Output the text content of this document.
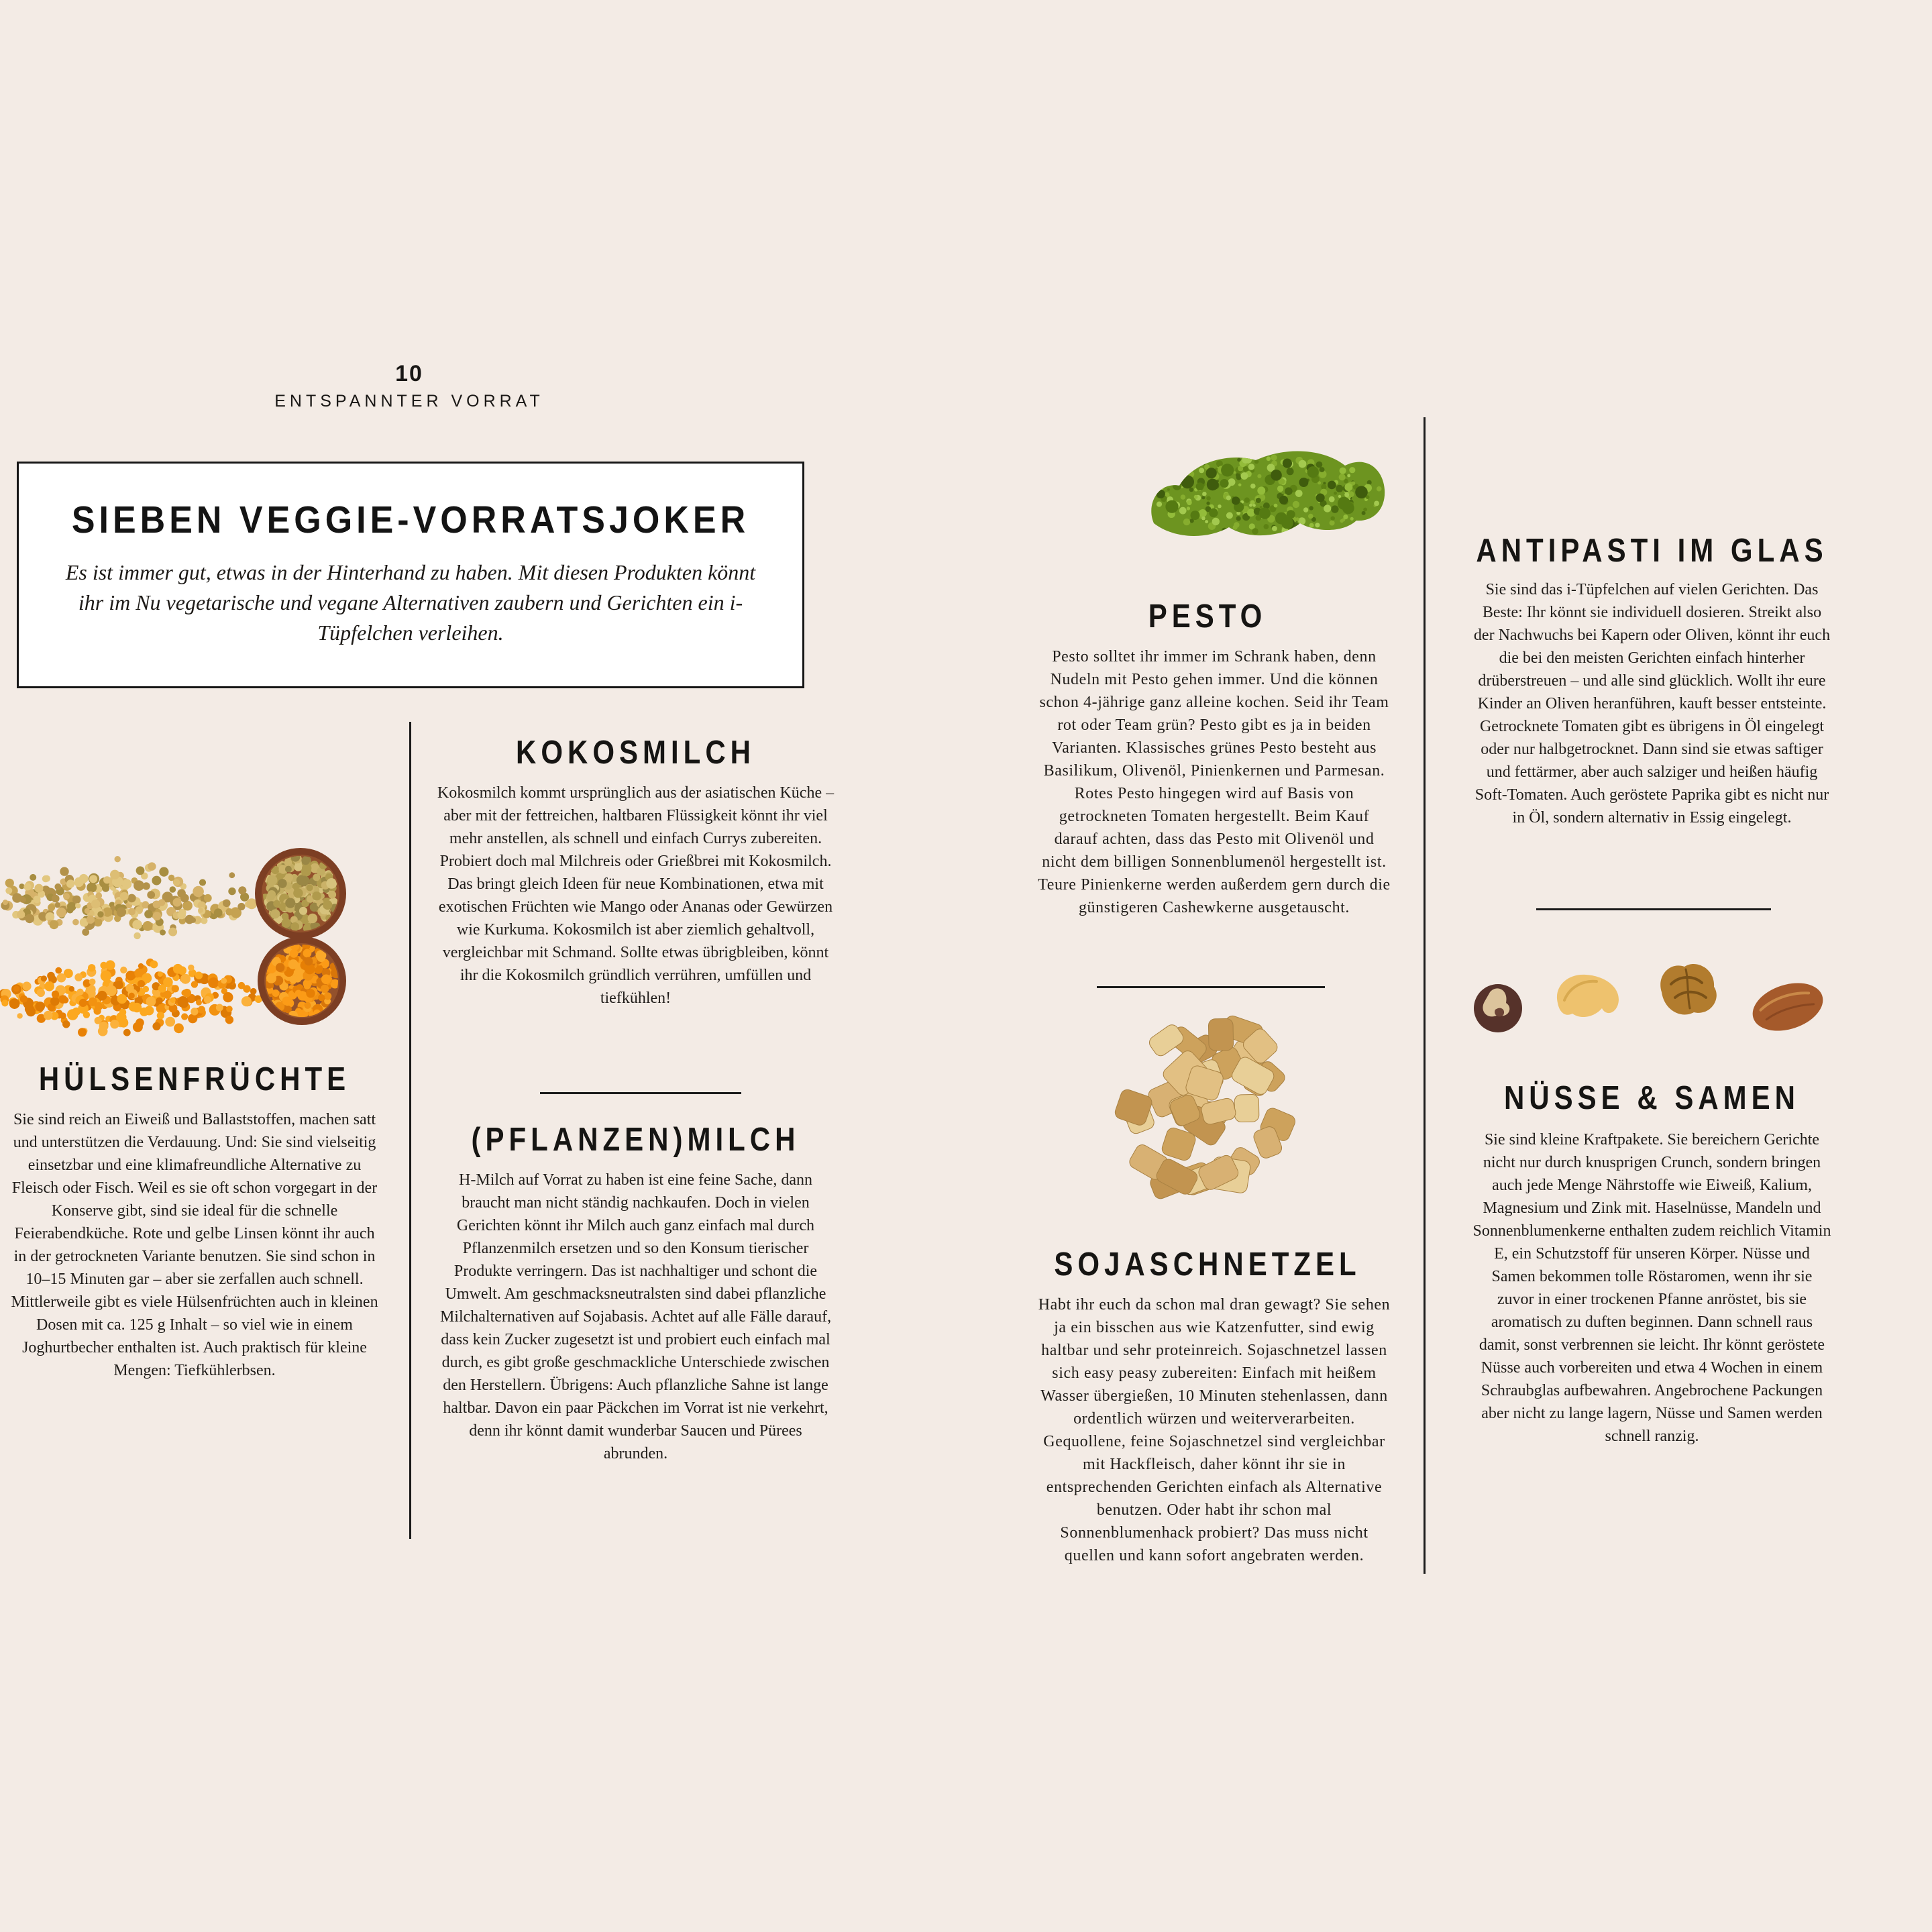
10
ENTSPANNTER VORRAT
SIEBEN VEGGIE-VORRATSJOKER

Es ist immer gut, etwas in der Hinterhand zu haben. Mit diesen Produkten könnt ihr im Nu vegetarische und vegane Alternativen zaubern und Gerichten ein i-Tüpfelchen verleihen.

HÜLSENFRÜCHTE

Sie sind reich an Eiweiß und Ballaststoffen, machen satt und unterstützen die Verdauung. Und: Sie sind vielseitig einsetzbar und eine klimafreundliche Alternative zu Fleisch oder Fisch. Weil es sie oft schon vorgegart in der Konserve gibt, sind sie ideal für die schnelle Feierabendküche. Rote und gelbe Linsen könnt ihr auch in der getrockneten Variante benutzen. Sie sind schon in 10–15 Minuten gar – aber sie zerfallen auch schnell. Mittlerweile gibt es viele Hülsenfrüchten auch in kleinen Dosen mit ca. 125 g Inhalt – so viel wie in einem Joghurtbecher enthalten ist. Auch praktisch für kleine Mengen: Tiefkühlerbsen.

KOKOSMILCH

Kokosmilch kommt ursprünglich aus der asiatischen Küche – aber mit der fettreichen, haltbaren Flüssigkeit könnt ihr viel mehr anstellen, als schnell und einfach Currys zubereiten. Probiert doch mal Milchreis oder Grießbrei mit Kokosmilch. Das bringt gleich Ideen für neue Kombinationen, etwa mit exotischen Früchten wie Mango oder Ananas oder Gewürzen wie Kurkuma. Kokosmilch ist aber ziemlich gehaltvoll, vergleichbar mit Schmand. Sollte etwas übrigbleiben, könnt ihr die Kokosmilch gründlich verrühren, umfüllen und tiefkühlen!

(PFLANZEN)MILCH

H-Milch auf Vorrat zu haben ist eine feine Sache, dann braucht man nicht ständig nachkaufen. Doch in vielen Gerichten könnt ihr Milch auch ganz einfach mal durch Pflanzenmilch ersetzen und so den Konsum tierischer Produkte verringern. Das ist nachhaltiger und schont die Umwelt. Am geschmacksneutralsten sind dabei pflanzliche Milchalternativen auf Sojabasis. Achtet auf alle Fälle darauf, dass kein Zucker zugesetzt ist und probiert euch einfach mal durch, es gibt große geschmackliche Unterschiede zwischen den Herstellern. Übrigens: Auch pflanzliche Sahne ist lange haltbar. Davon ein paar Päckchen im Vorrat ist nie verkehrt, denn ihr könnt damit wunderbar Saucen und Pürees abrunden.

PESTO

Pesto solltet ihr immer im Schrank haben, denn Nudeln mit Pesto gehen immer. Und die können schon 4-jährige ganz alleine kochen. Seid ihr Team rot oder Team grün? Pesto gibt es ja in beiden Varianten. Klassisches grünes Pesto besteht aus Basilikum, Olivenöl, Pinienkernen und Parmesan. Rotes Pesto hingegen wird auf Basis von getrockneten Tomaten hergestellt. Beim Kauf darauf achten, dass das Pesto mit Olivenöl und nicht dem billigen Sonnenblumenöl hergestellt ist. Teure Pinienkerne werden außerdem gern durch die günstigeren Cashewkerne ausgetauscht.

SOJASCHNETZEL

Habt ihr euch da schon mal dran gewagt? Sie sehen ja ein bisschen aus wie Katzenfutter, sind ewig haltbar und sehr proteinreich. Sojaschnetzel lassen sich easy peasy zubereiten: Einfach mit heißem Wasser übergießen, 10 Minuten stehenlassen, dann ordentlich würzen und weiterverarbeiten. Gequollene, feine Sojaschnetzel sind vergleichbar mit Hackfleisch, daher könnt ihr sie in entsprechenden Gerichten einfach als Alternative benutzen. Oder habt ihr schon mal Sonnenblumenhack probiert? Das muss nicht quellen und kann sofort angebraten werden.

ANTIPASTI IM GLAS

Sie sind das i-Tüpfelchen auf vielen Gerichten. Das Beste: Ihr könnt sie individuell dosieren. Streikt also der Nachwuchs bei Kapern oder Oliven, könnt ihr euch die bei den meisten Gerichten einfach hinterher drüberstreuen – und alle sind glücklich. Wollt ihr eure Kinder an Oliven heranführen, kauft besser entsteinte. Getrocknete Tomaten gibt es übrigens in Öl eingelegt oder nur halbgetrocknet. Dann sind sie etwas saftiger und fettärmer, aber auch salziger und heißen häufig Soft-Tomaten. Auch geröstete Paprika gibt es nicht nur in Öl, sondern alternativ in Essig eingelegt.

NÜSSE & SAMEN

Sie sind kleine Kraftpakete. Sie bereichern Gerichte nicht nur durch knusprigen Crunch, sondern bringen auch jede Menge Nährstoffe wie Eiweiß, Kalium, Magnesium und Zink mit. Haselnüsse, Mandeln und Sonnenblumenkerne enthalten zudem reichlich Vitamin E, ein Schutzstoff für unseren Körper. Nüsse und Samen bekommen tolle Röstaromen, wenn ihr sie zuvor in einer trockenen Pfanne anröstet, bis sie aromatisch zu duften beginnen. Dann schnell raus damit, sonst verbrennen sie leicht. Ihr könnt geröstete Nüsse auch vorbereiten und etwa 4 Wochen in einem Schraubglas aufbewahren. Angebrochene Packungen aber nicht zu lange lagern, Nüsse und Samen werden schnell ranzig.
